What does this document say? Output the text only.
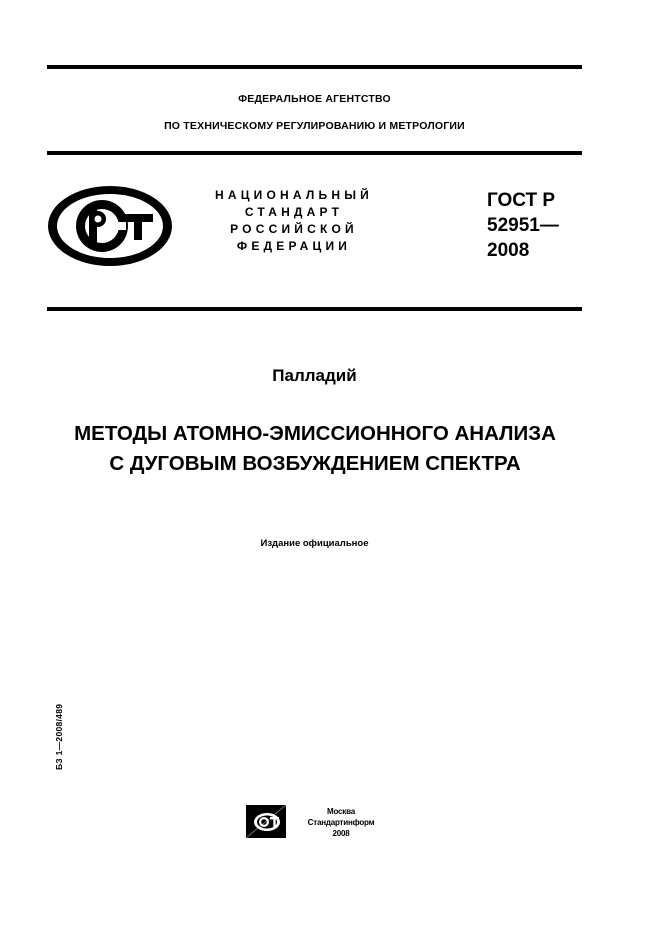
ФЕДЕРАЛЬНОЕ АГЕНТСТВО
ПО ТЕХНИЧЕСКОМУ РЕГУЛИРОВАНИЮ И МЕТРОЛОГИИ
НАЦИОНАЛЬНЫЙ
СТАНДАРТ
РОССИЙСКОЙ
ФЕДЕРАЦИИ
ГОСТ Р
52951—
2008
Палладий
МЕТОДЫ АТОМНО-ЭМИССИОННОГО АНАЛИЗА
С ДУГОВЫМ ВОЗБУЖДЕНИЕМ СПЕКТРА
Издание официальное
БЗ 1—2008/489
Москва
Стандартинформ
2008
